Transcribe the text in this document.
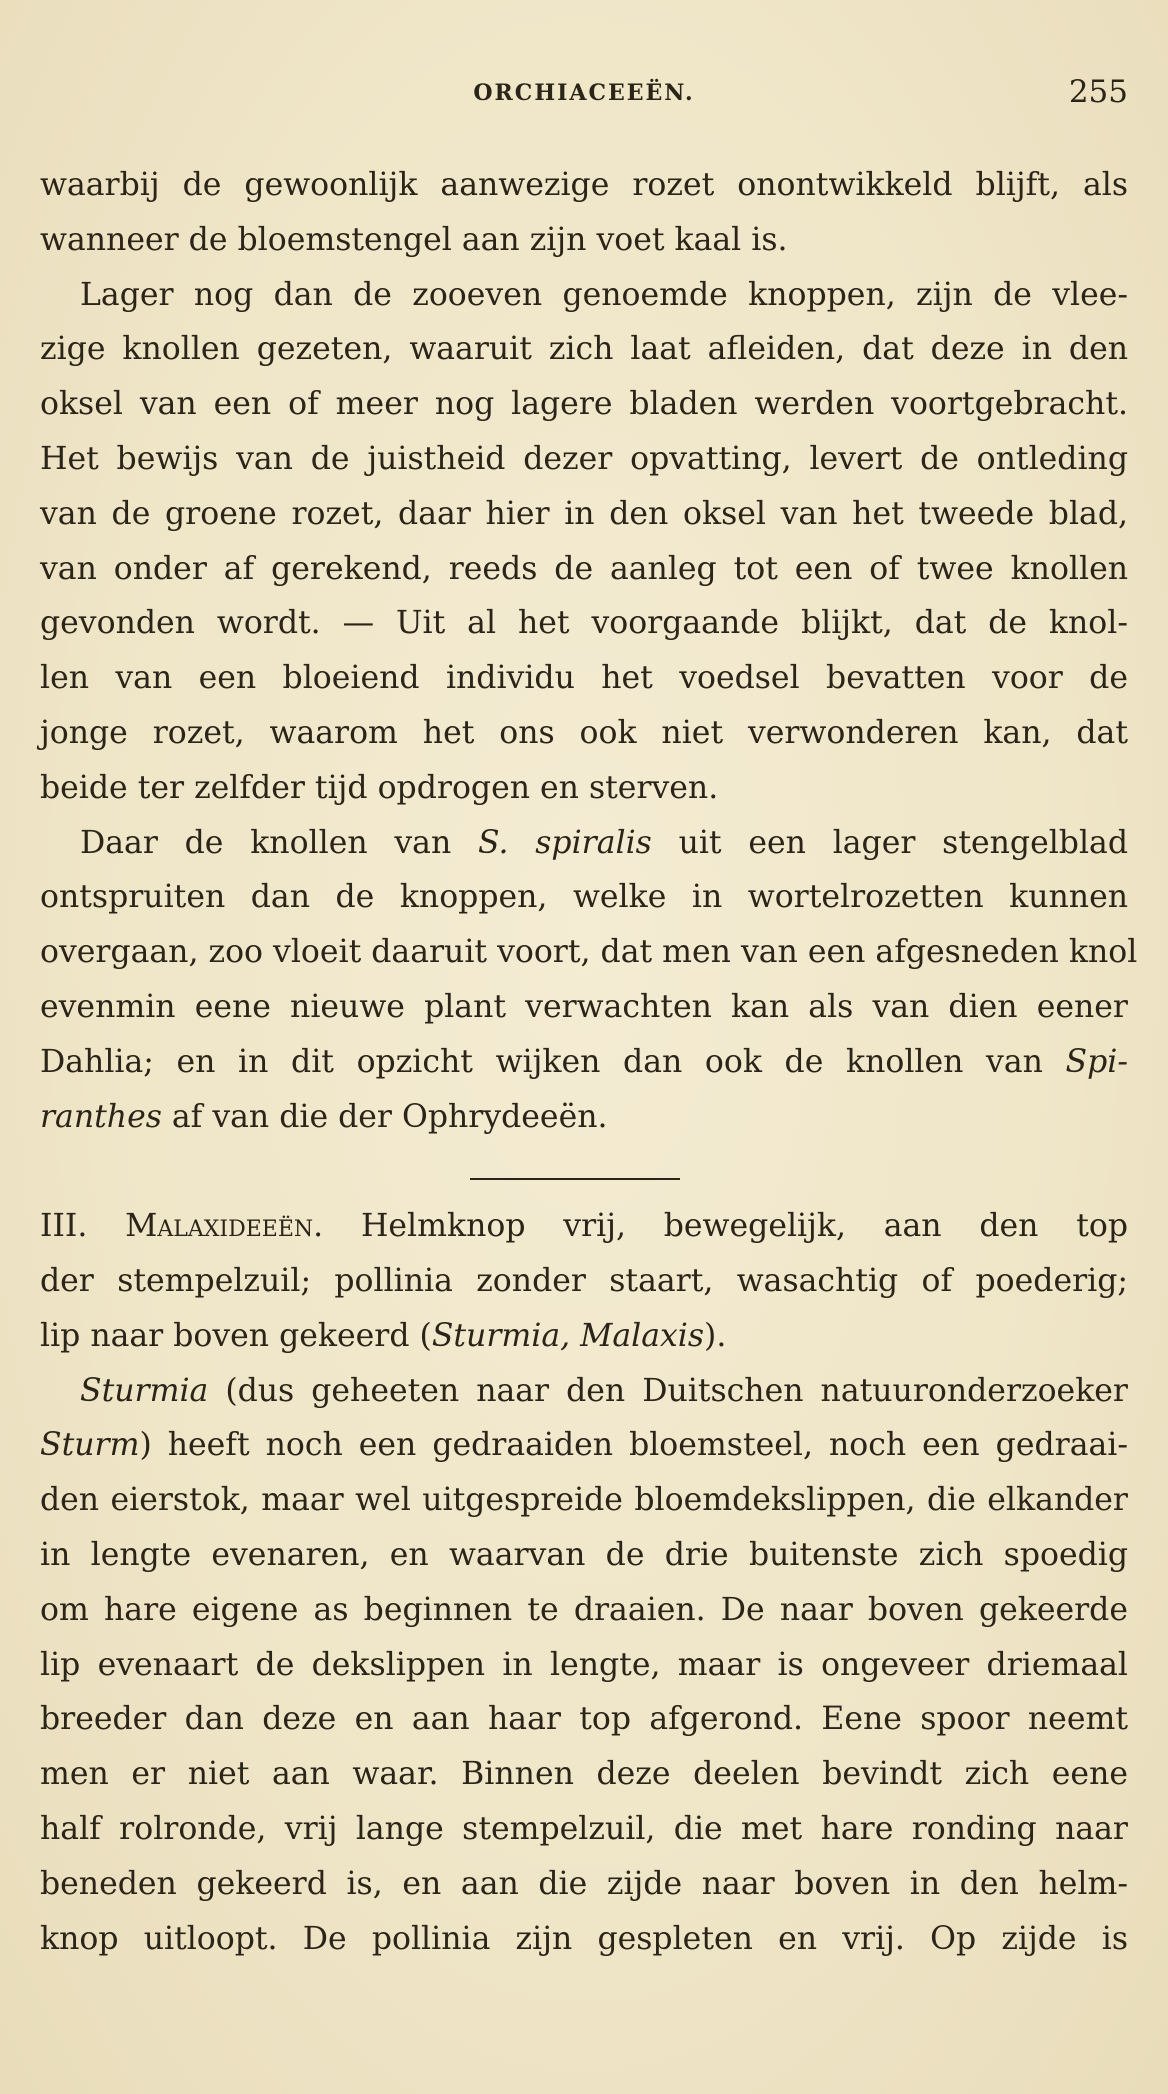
ORCHIACEEËN.	255
waarbij de gewoonlijk aanwezige rozet onontwikkeld blijft, als
wanneer de bloemstengel aan zijn voet kaal is.
Lager nog dan de zooeven genoemde knoppen, zijn de vlee-
zige knollen gezeten, waaruit zich laat afleiden, dat deze in den
oksel van een of meer nog lagere bladen werden voortgebracht.
Het bewijs van de juistheid dezer opvatting, levert de ontleding
van de groene rozet, daar hier in den oksel van het tweede blad,
van onder af gerekend, reeds de aanleg tot een of twee knollen
gevonden wordt. — Uit al het voorgaande blijkt, dat de knol-
len van een bloeiend individu het voedsel bevatten voor de
jonge rozet, waarom het ons ook niet verwonderen kan, dat
beide ter zelfder tijd opdrogen en sterven.
Daar de knollen van S. spiralis uit een lager stengelblad
ontspruiten dan de knoppen, welke in wortelrozetten kunnen
overgaan, zoo vloeit daaruit voort, dat men van een afgesneden knol
evenmin eene nieuwe plant verwachten kan als van dien eener
Dahlia; en in dit opzicht wijken dan ook de knollen van Spi-
ranthes af van die der Ophrydeeën.
III. Malaxideeën. Helmknop vrij, bewegelijk, aan den top
der stempelzuil; pollinia zonder staart, wasachtig of poederig;
lip naar boven gekeerd (Sturmia, Malaxis).
Sturmia (dus geheeten naar den Duitschen natuuronderzoeker
Sturm) heeft noch een gedraaiden bloemsteel, noch een gedraai-
den eierstok, maar wel uitgespreide bloemdekslippen, die elkander
in lengte evenaren, en waarvan de drie buitenste zich spoedig
om hare eigene as beginnen te draaien. De naar boven gekeerde
lip evenaart de dekslippen in lengte, maar is ongeveer driemaal
breeder dan deze en aan haar top afgerond. Eene spoor neemt
men er niet aan waar. Binnen deze deelen bevindt zich eene
half rolronde, vrij lange stempelzuil, die met hare ronding naar
beneden gekeerd is, en aan die zijde naar boven in den helm-
knop uitloopt. De pollinia zijn gespleten en vrij. Op zijde is
